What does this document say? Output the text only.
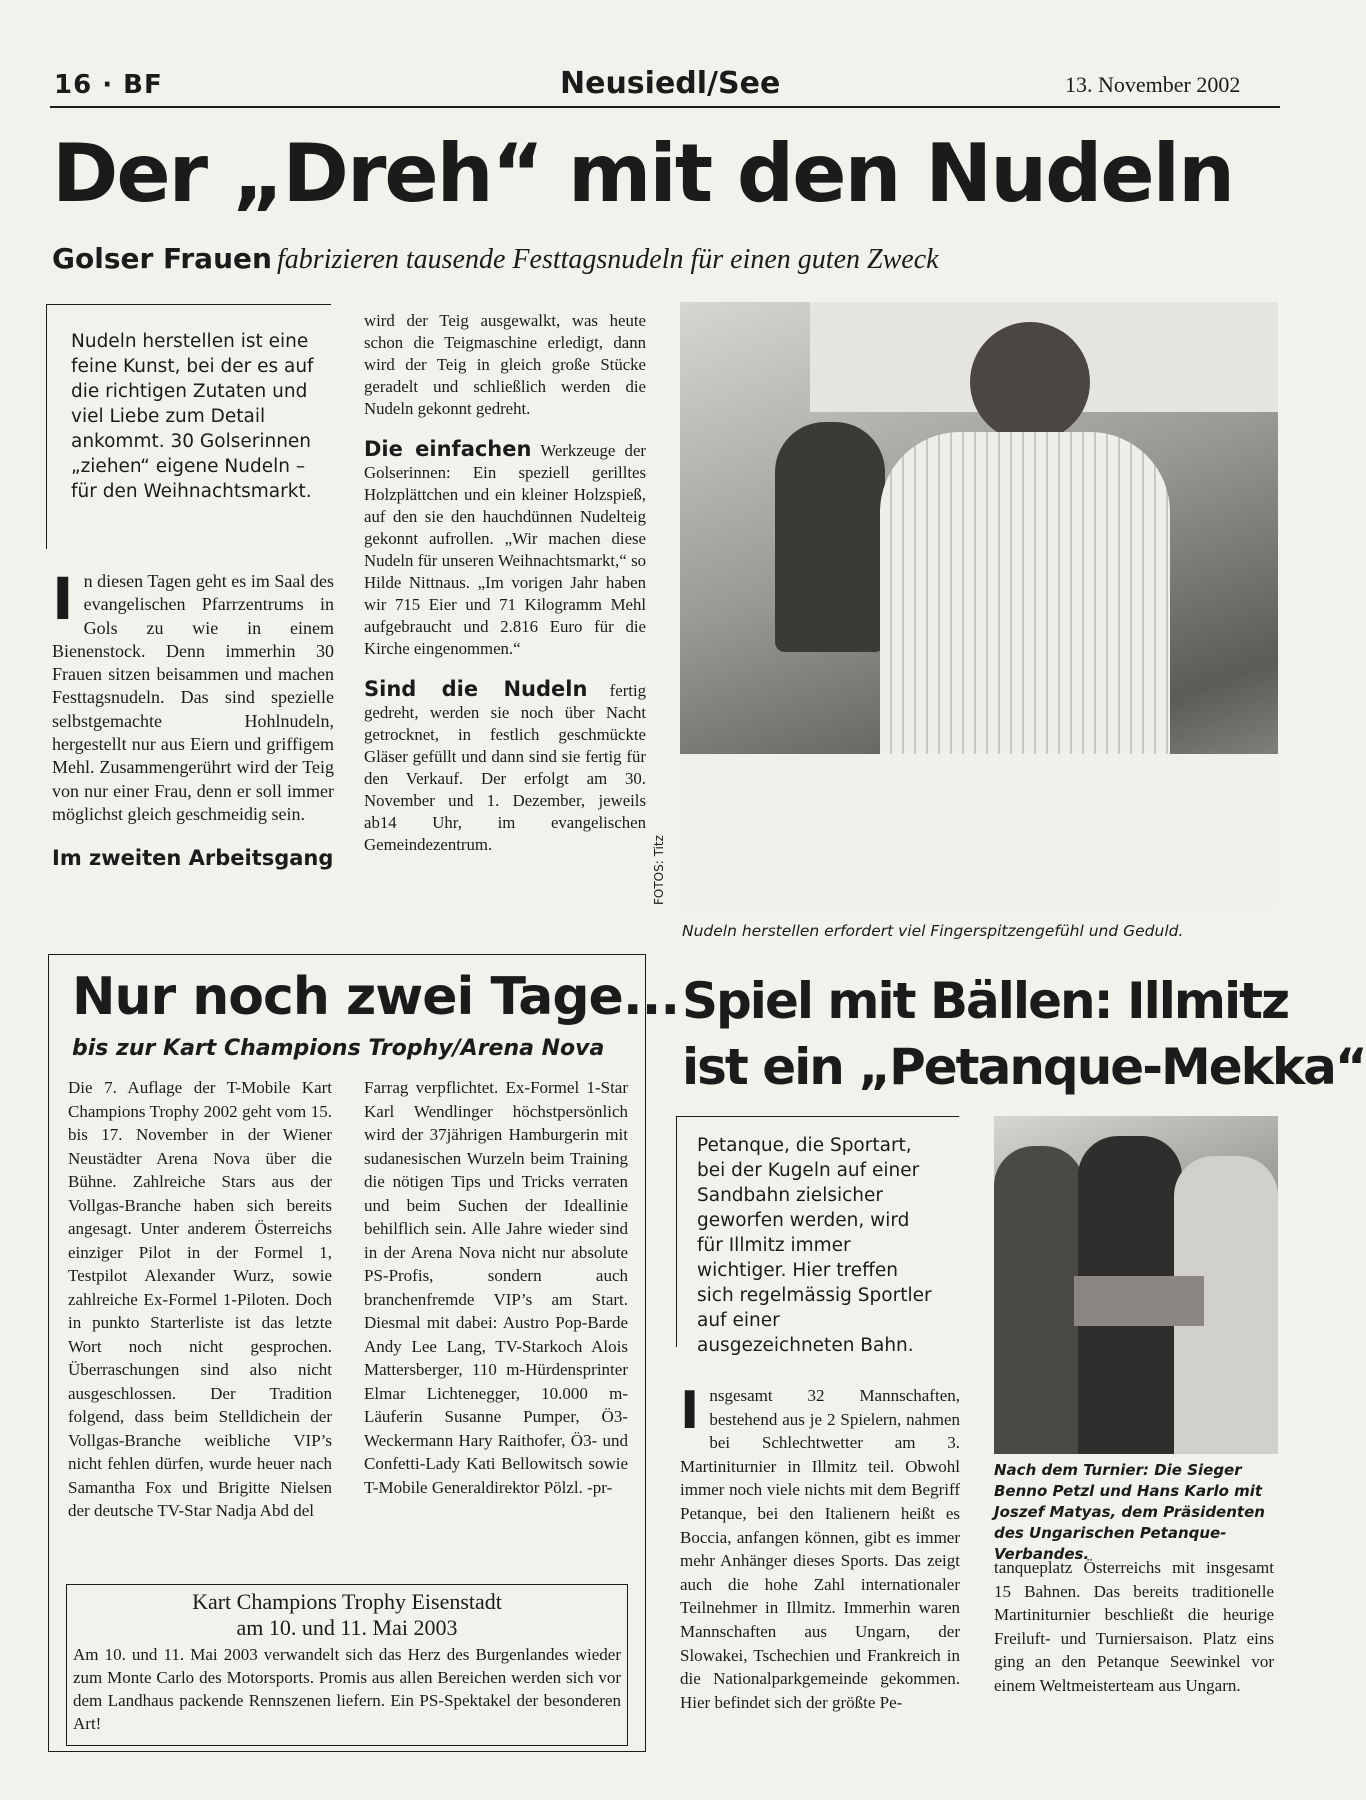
16 · BF	Neusiedl/See	13. November 2002
Der „Dreh“ mit den Nudeln
Golser Frauen fabrizieren tausende Festtagsnudeln für einen guten Zweck
Nudeln herstellen ist eine feine Kunst, bei der es auf die richtigen Zutaten und viel Liebe zum Detail ankommt. 30 Golserinnen „ziehen“ eigene Nudeln – für den Weihnachtsmarkt.

In diesen Tagen geht es im Saal des evangelischen Pfarrzentrums in Gols zu wie in einem Bienenstock. Denn immerhin 30 Frauen sitzen beisammen und machen Festtagsnudeln. Das sind spezielle selbstgemachte Hohlnudeln, hergestellt nur aus Eiern und griffigem Mehl. Zusammengerührt wird der Teig von nur einer Frau, denn er soll immer möglichst gleich geschmeidig sein.

Im zweiten Arbeitsgang

wird der Teig ausgewalkt, was heute schon die Teigmaschine erledigt, dann wird der Teig in gleich große Stücke geradelt und schließlich werden die Nudeln gekonnt gedreht.

Die einfachen Werkzeuge der Golserinnen: Ein speziell gerilltes Holzplättchen und ein kleiner Holzspieß, auf den sie den hauchdünnen Nudelteig gekonnt aufrollen. „Wir machen diese Nudeln für unseren Weihnachtsmarkt,“ so Hilde Nittnaus. „Im vorigen Jahr haben wir 715 Eier und 71 Kilogramm Mehl aufgebraucht und 2.816 Euro für die Kirche eingenommen.“

Sind die Nudeln fertig gedreht, werden sie noch über Nacht getrocknet, in festlich geschmückte Gläser gefüllt und dann sind sie fertig für den Verkauf. Der erfolgt am 30. November und 1. Dezember, jeweils ab14 Uhr, im evangelischen Gemeindezentrum.	FOTOS: Titz
Nudeln herstellen erfordert viel Fingerspitzengefühl und Geduld.
Nur noch zwei Tage...
bis zur Kart Champions Trophy/Arena Nova
Die 7. Auflage der T-Mobile Kart Champions Trophy 2002 geht vom 15. bis 17. November in der Wiener Neustädter Arena Nova über die Bühne. Zahlreiche Stars aus der Vollgas-Branche haben sich bereits angesagt. Unter anderem Österreichs einziger Pilot in der Formel 1, Testpilot Alexander Wurz, sowie zahlreiche Ex-Formel 1-Piloten. Doch in punkto Starterliste ist das letzte Wort noch nicht gesprochen. Überraschungen sind also nicht ausgeschlossen. Der Tradition folgend, dass beim Stelldichein der Vollgas-Branche weibliche VIP’s nicht fehlen dürfen, wurde heuer nach Samantha Fox und Brigitte Nielsen der deutsche TV-Star Nadja Abd del
Farrag verpflichtet. Ex-Formel 1-Star Karl Wendlinger höchstpersönlich wird der 37jährigen Hamburgerin mit sudanesischen Wurzeln beim Training die nötigen Tips und Tricks verraten und beim Suchen der Ideallinie behilflich sein. Alle Jahre wieder sind in der Arena Nova nicht nur absolute PS-Profis, sondern auch branchenfremde VIP’s am Start. Diesmal mit dabei: Austro Pop-Barde Andy Lee Lang, TV-Starkoch Alois Mattersberger, 110 m-Hürdensprinter Elmar Lichtenegger, 10.000 m-Läuferin Susanne Pumper, Ö3-Weckermann Hary Raithofer, Ö3- und Confetti-Lady Kati Bellowitsch sowie T-Mobile Generaldirektor Pölzl. -pr-
Kart Champions Trophy Eisenstadt
am 10. und 11. Mai 2003
Am 10. und 11. Mai 2003 verwandelt sich das Herz des Burgenlandes wieder zum Monte Carlo des Motorsports. Promis aus allen Bereichen werden sich vor dem Landhaus packende Rennszenen liefern. Ein PS-Spektakel der besonderen Art!
Spiel mit Bällen: Illmitz
ist ein „Petanque-Mekka“
Petanque, die Sportart, bei der Kugeln auf einer Sandbahn zielsicher geworfen werden, wird für Illmitz immer wichtiger. Hier treffen sich regelmässig Sportler auf einer ausgezeichneten Bahn.

Insgesamt 32 Mannschaften, bestehend aus je 2 Spielern, nahmen bei Schlechtwetter am 3. Martiniturnier in Illmitz teil. Obwohl immer noch viele nichts mit dem Begriff Petanque, bei den Italienern heißt es Boccia, anfangen können, gibt es immer mehr Anhänger dieses Sports. Das zeigt auch die hohe Zahl internationaler Teilnehmer in Illmitz. Immerhin waren Mannschaften aus Ungarn, der Slowakei, Tschechien und Frankreich in die Nationalparkgemeinde gekommen. Hier befindet sich der größte Pe-

Nach dem Turnier: Die Sieger Benno Petzl und Hans Karlo mit Joszef Matyas, dem Präsidenten des Ungarischen Petanque-Verbandes.
tanqueplatz Österreichs mit insgesamt 15 Bahnen. Das bereits traditionelle Martiniturnier beschließt die heurige Freiluft- und Turniersaison. Platz eins ging an den Petanque Seewinkel vor einem Weltmeisterteam aus Ungarn.
